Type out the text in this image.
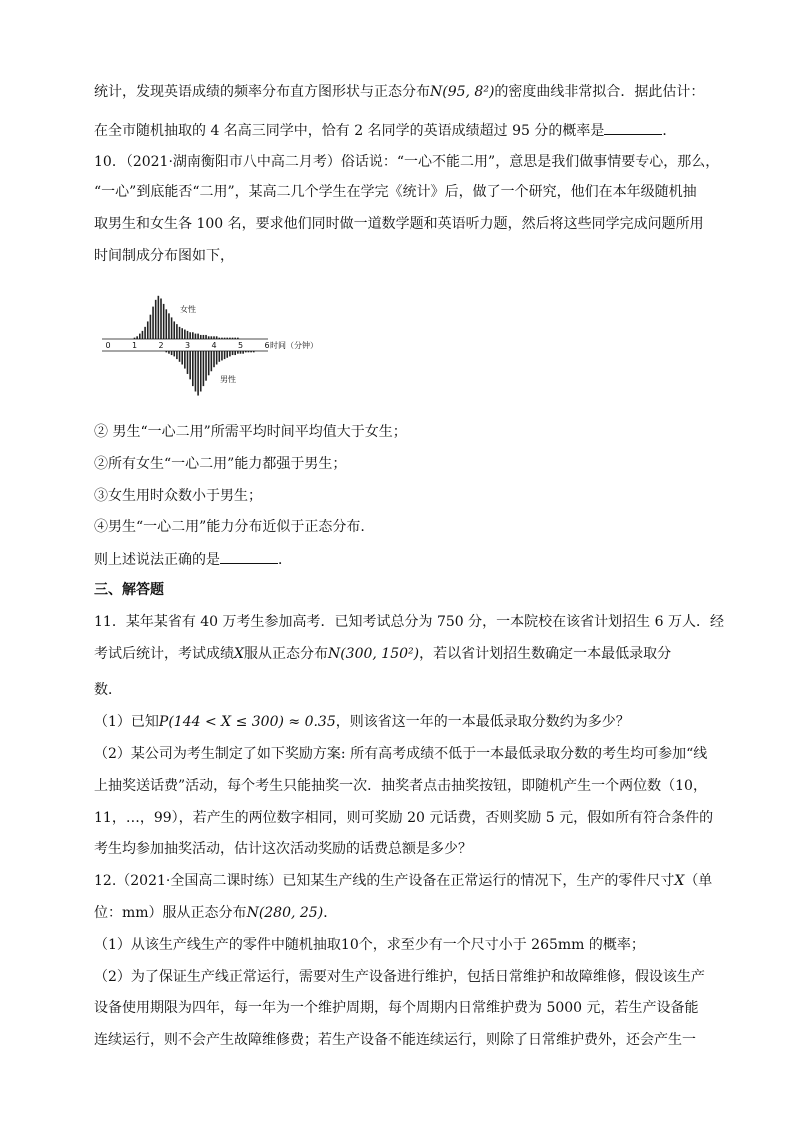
统计，发现英语成绩的频率分布直方图形状与正态分布N(95, 8²)的密度曲线非常拟合．据此估计：
在全市随机抽取的 4 名高三同学中，恰有 2 名同学的英语成绩超过 95 分的概率是	．
10．（2021·湖南衡阳市八中高二月考）俗话说：“一心不能二用”，意思是我们做事情要专心，那么，
“一心”到底能否“二用”，某高二几个学生在学完《统计》后，做了一个研究，他们在本年级随机抽
取男生和女生各 100 名，要求他们同时做一道数学题和英语听力题，然后将这些同学完成问题所用
时间制成分布图如下，
0	1	2	3	4	5	6
女性
男性
时间（分钟）
② 男生“一心二用”所需平均时间平均值大于女生；
②所有女生“一心二用”能力都强于男生；
③女生用时众数小于男生；
④男生“一心二用”能力分布近似于正态分布.
则上述说法正确的是	．
三、解答题
11．某年某省有 40 万考生参加高考．已知考试总分为 750 分，一本院校在该省计划招生 6 万人．经
考试后统计，考试成绩X服从正态分布N(300, 150²)，若以省计划招生数确定一本最低录取分
数．
（1）已知P(144 < X ≤ 300) ≈ 0.35，则该省这一年的一本最低录取分数约为多少？
（2）某公司为考生制定了如下奖励方案: 所有高考成绩不低于一本最低录取分数的考生均可参加“线
上抽奖送话费”活动，每个考生只能抽奖一次．抽奖者点击抽奖按钮，即随机产生一个两位数（10，
11，…，99），若产生的两位数字相同，则可奖励 20 元话费，否则奖励 5 元，假如所有符合条件的
考生均参加抽奖活动，估计这次活动奖励的话费总额是多少？
12.（2021·全国高二课时练）已知某生产线的生产设备在正常运行的情况下，生产的零件尺寸X（单
位：mm）服从正态分布N(280, 25)．
（1）从该生产线生产的零件中随机抽取10个，求至少有一个尺寸小于 265mm 的概率；
（2）为了保证生产线正常运行，需要对生产设备进行维护，包括日常维护和故障维修，假设该生产
设备使用期限为四年，每一年为一个维护周期，每个周期内日常维护费为 5000 元，若生产设备能
连续运行，则不会产生故障维修费；若生产设备不能连续运行，则除了日常维护费外，还会产生一
